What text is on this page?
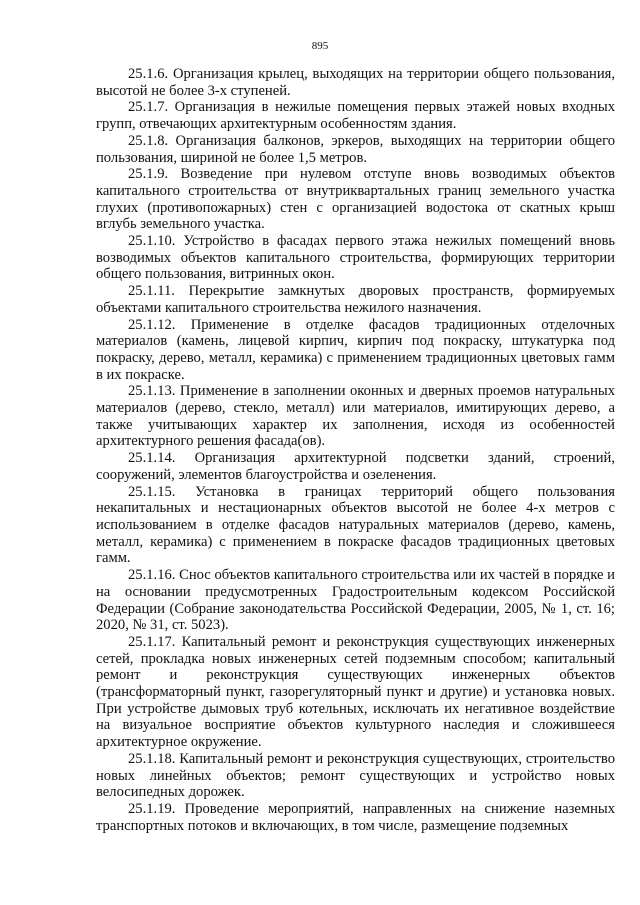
895

25.1.6. Организация крылец, выходящих на территории общего пользования, высотой не более 3-х ступеней.

25.1.7. Организация в нежилые помещения первых этажей новых входных групп, отвечающих архитектурным особенностям здания.

25.1.8. Организация балконов, эркеров, выходящих на территории общего пользования, шириной не более 1,5 метров.

25.1.9. Возведение при нулевом отступе вновь возводимых объектов капитального строительства от внутриквартальных границ земельного участка глухих (противопожарных) стен с организацией водостока от скатных крыш вглубь земельного участка.

25.1.10. Устройство в фасадах первого этажа нежилых помещений вновь возводимых объектов капитального строительства, формирующих территории общего пользования, витринных окон.

25.1.11. Перекрытие замкнутых дворовых пространств, формируемых объектами капитального строительства нежилого назначения.

25.1.12. Применение в отделке фасадов традиционных отделочных материалов (камень, лицевой кирпич, кирпич под покраску, штукатурка под покраску, дерево, металл, керамика) с применением традиционных цветовых гамм в их покраске.

25.1.13. Применение в заполнении оконных и дверных проемов натуральных материалов (дерево, стекло, металл) или материалов, имитирующих дерево, а также учитывающих характер их заполнения, исходя из особенностей архитектурного решения фасада(ов).

25.1.14. Организация архитектурной подсветки зданий, строений, сооружений, элементов благоустройства и озеленения.

25.1.15. Установка в границах территорий общего пользования некапитальных и нестационарных объектов высотой не более 4-х метров с использованием в отделке фасадов натуральных материалов (дерево, камень, металл, керамика) с применением в покраске фасадов традиционных цветовых гамм.

25.1.16. Снос объектов капитального строительства или их частей в порядке и на основании предусмотренных Градостроительным кодексом Российской Федерации (Собрание законодательства Российской Федерации, 2005, № 1, ст. 16; 2020, № 31, ст. 5023).

25.1.17. Капитальный ремонт и реконструкция существующих инженерных сетей, прокладка новых инженерных сетей подземным способом; капитальный ремонт и реконструкция существующих инженерных объектов (трансформаторный пункт, газорегуляторный пункт и другие) и установка новых. При устройстве дымовых труб котельных, исключать их негативное воздействие на визуальное восприятие объектов культурного наследия и сложившееся архитектурное окружение.

25.1.18. Капитальный ремонт и реконструкция существующих, строительство новых линейных объектов; ремонт существующих и устройство новых велосипедных дорожек.

25.1.19. Проведение мероприятий, направленных на снижение наземных транспортных потоков и включающих, в том числе, размещение подземных
